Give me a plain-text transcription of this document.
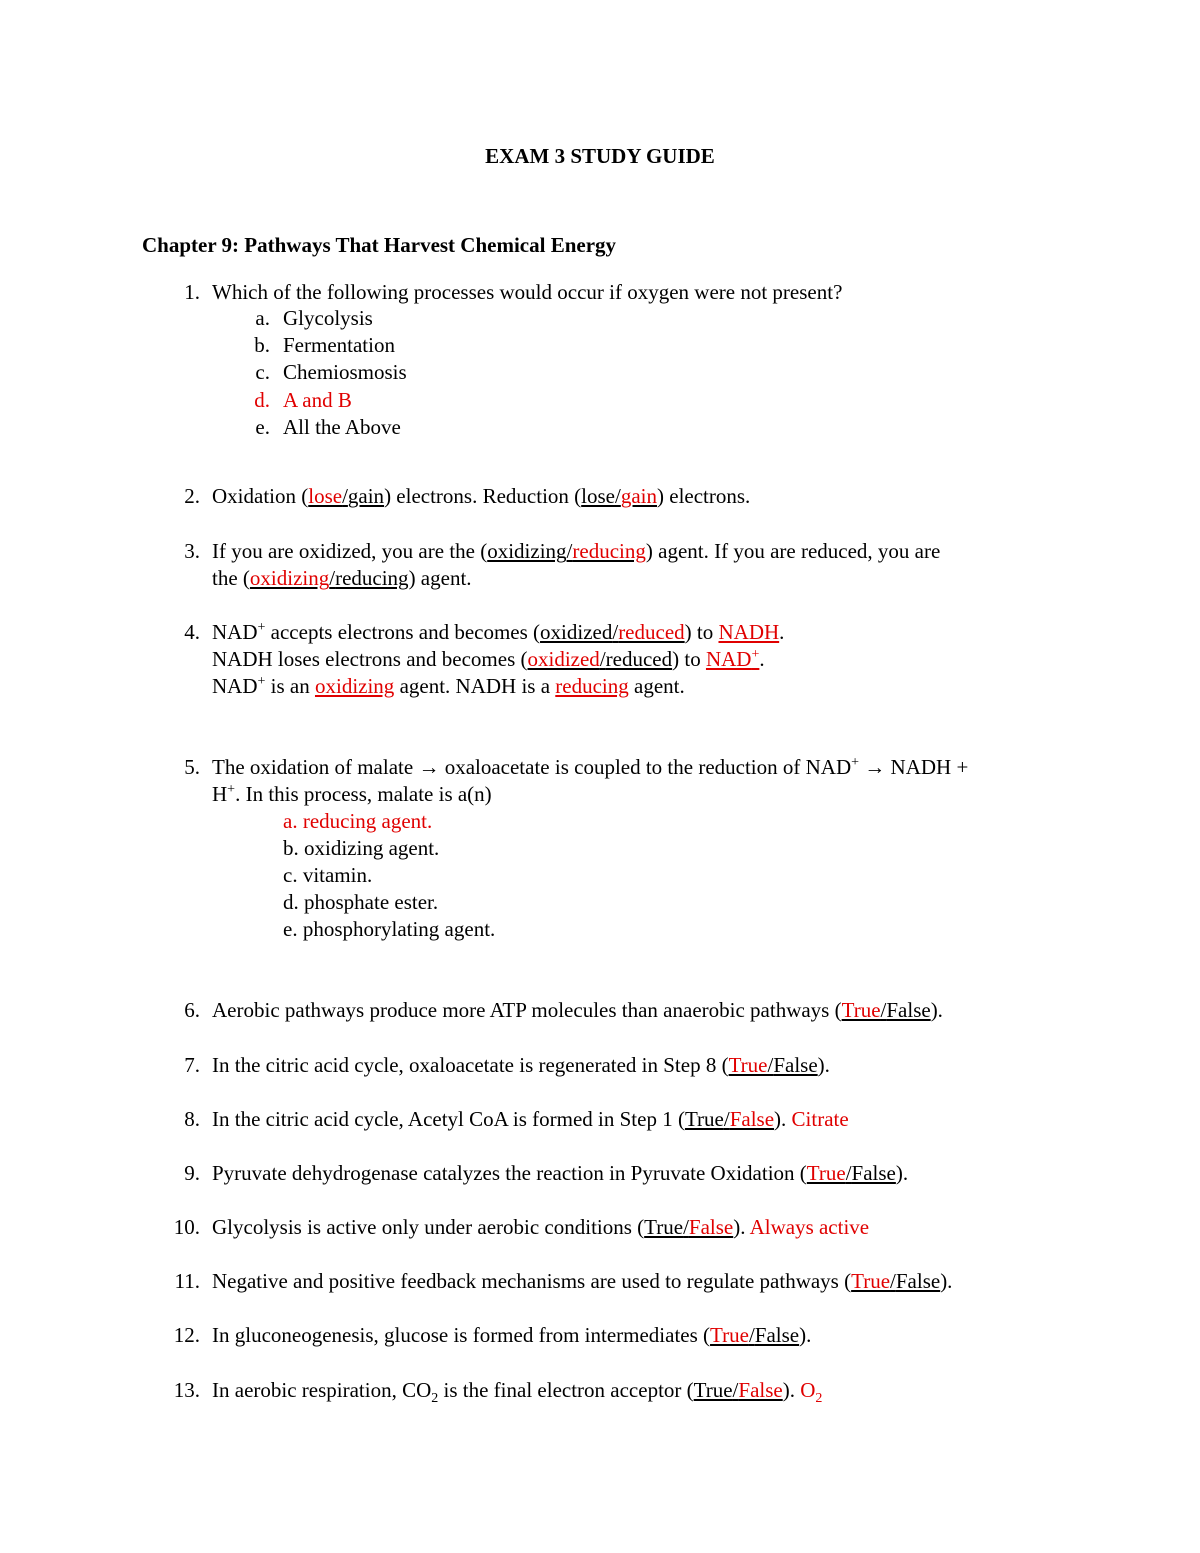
EXAM 3 STUDY GUIDE
Chapter 9: Pathways That Harvest Chemical Energy
1. Which of the following processes would occur if oxygen were not present?
a. Glycolysis
b. Fermentation
c. Chemiosmosis
d. A and B
e. All the Above
2. Oxidation (lose/gain) electrons. Reduction (lose/gain) electrons.
3. If you are oxidized, you are the (oxidizing/reducing) agent. If you are reduced, you are
the (oxidizing/reducing) agent.
4. NAD+ accepts electrons and becomes (oxidized/reduced) to NADH.
NADH loses electrons and becomes (oxidized/reduced) to NAD+.
NAD+ is an oxidizing agent. NADH is a reducing agent.
5. The oxidation of malate → oxaloacetate is coupled to the reduction of NAD+ → NADH +
H+. In this process, malate is a(n)
a. reducing agent.
b. oxidizing agent.
c. vitamin.
d. phosphate ester.
e. phosphorylating agent.
6. Aerobic pathways produce more ATP molecules than anaerobic pathways (True/False).
7. In the citric acid cycle, oxaloacetate is regenerated in Step 8 (True/False).
8. In the citric acid cycle, Acetyl CoA is formed in Step 1 (True/False). Citrate
9. Pyruvate dehydrogenase catalyzes the reaction in Pyruvate Oxidation (True/False).
10. Glycolysis is active only under aerobic conditions (True/False). Always active
11. Negative and positive feedback mechanisms are used to regulate pathways (True/False).
12. In gluconeogenesis, glucose is formed from intermediates (True/False).
13. In aerobic respiration, $CO_2$ is the final electron acceptor (True/False). $O_2$
